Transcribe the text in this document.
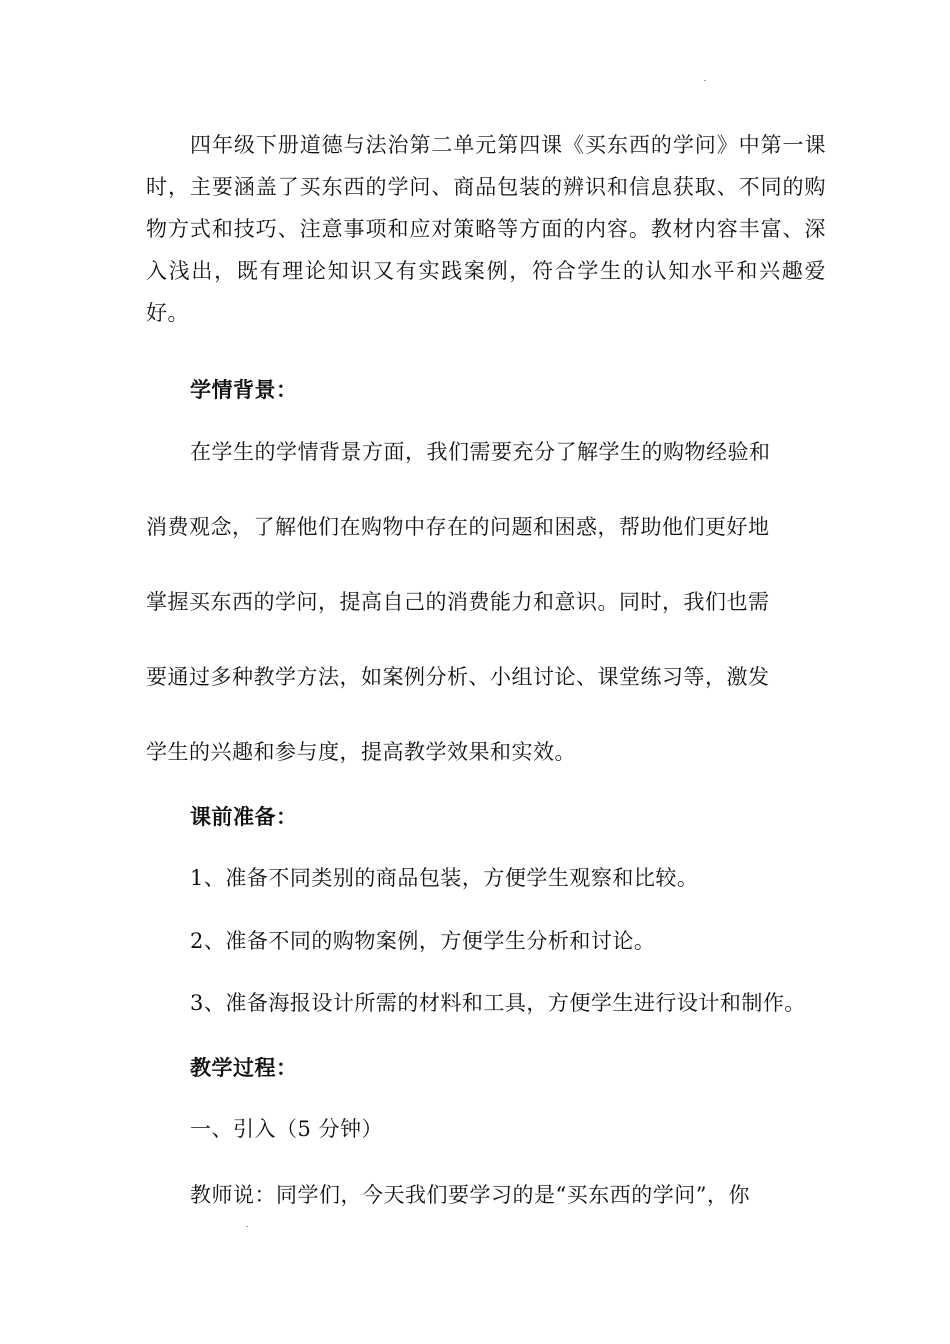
四年级下册道德与法治第二单元第四课《买东西的学问》中第一课时，主要涵盖了买东西的学问、商品包装的辨识和信息获取、不同的购物方式和技巧、注意事项和应对策略等方面的内容。教材内容丰富、深入浅出，既有理论知识又有实践案例，符合学生的认知水平和兴趣爱好。
学情背景：
在学生的学情背景方面，我们需要充分了解学生的购物经验和
消费观念，了解他们在购物中存在的问题和困惑，帮助他们更好地
掌握买东西的学问，提高自己的消费能力和意识。同时，我们也需
要通过多种教学方法，如案例分析、小组讨论、课堂练习等，激发
学生的兴趣和参与度，提高教学效果和实效。
课前准备：
1、准备不同类别的商品包装，方便学生观察和比较。
2、准备不同的购物案例，方便学生分析和讨论。
3、准备海报设计所需的材料和工具，方便学生进行设计和制作。
教学过程：
一、引入（5 分钟）
教师说：同学们，今天我们要学习的是“买东西的学问”，你
